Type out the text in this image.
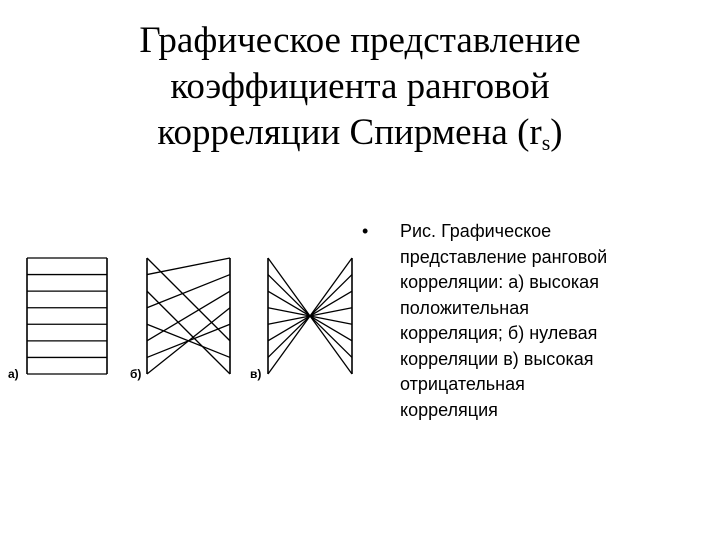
Графическое представление
коэффициента ранговой
корреляции Спирмена $(r_s)$
а)	б)	в)
• Рис. Графическое
представление ранговой
корреляции: а) высокая
положительная
корреляция; б) нулевая
корреляции в) высокая
отрицательная
корреляция
